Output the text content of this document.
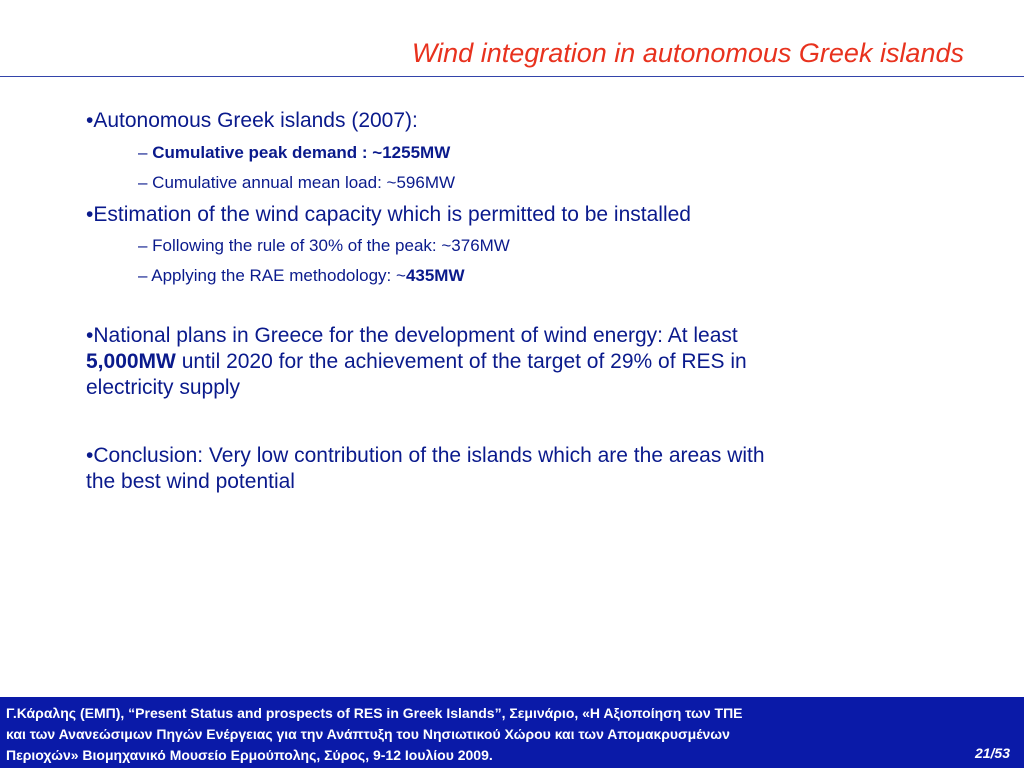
Wind integration in autonomous Greek islands

•Autonomous Greek islands (2007):

– Cumulative peak demand : ~1255MW

– Cumulative annual mean load: ~596MW

•Estimation of the wind capacity which is permitted to be installed

– Following the rule of 30% of the peak: ~376MW

– Applying the RAE methodology: ~435MW

•National plans in Greece for the development of wind energy: At least
5,000MW until 2020 for the achievement of the target of 29% of RES in
electricity supply

•Conclusion: Very low contribution of the islands which are the areas with
the best wind potential

Γ.Κάραλης (ΕΜΠ), “Present Status and prospects of RES in Greek Islands”, Σεμινάριο, «Η Αξιοποίηση των ΤΠΕ
και των Ανανεώσιμων Πηγών Ενέργειας για την Ανάπτυξη του Νησιωτικού Χώρου και των Απομακρυσμένων
Περιοχών» Βιομηχανικό Μουσείο Ερμούπολης, Σύρος, 9-12 Ιουλίου 2009.	21/53
